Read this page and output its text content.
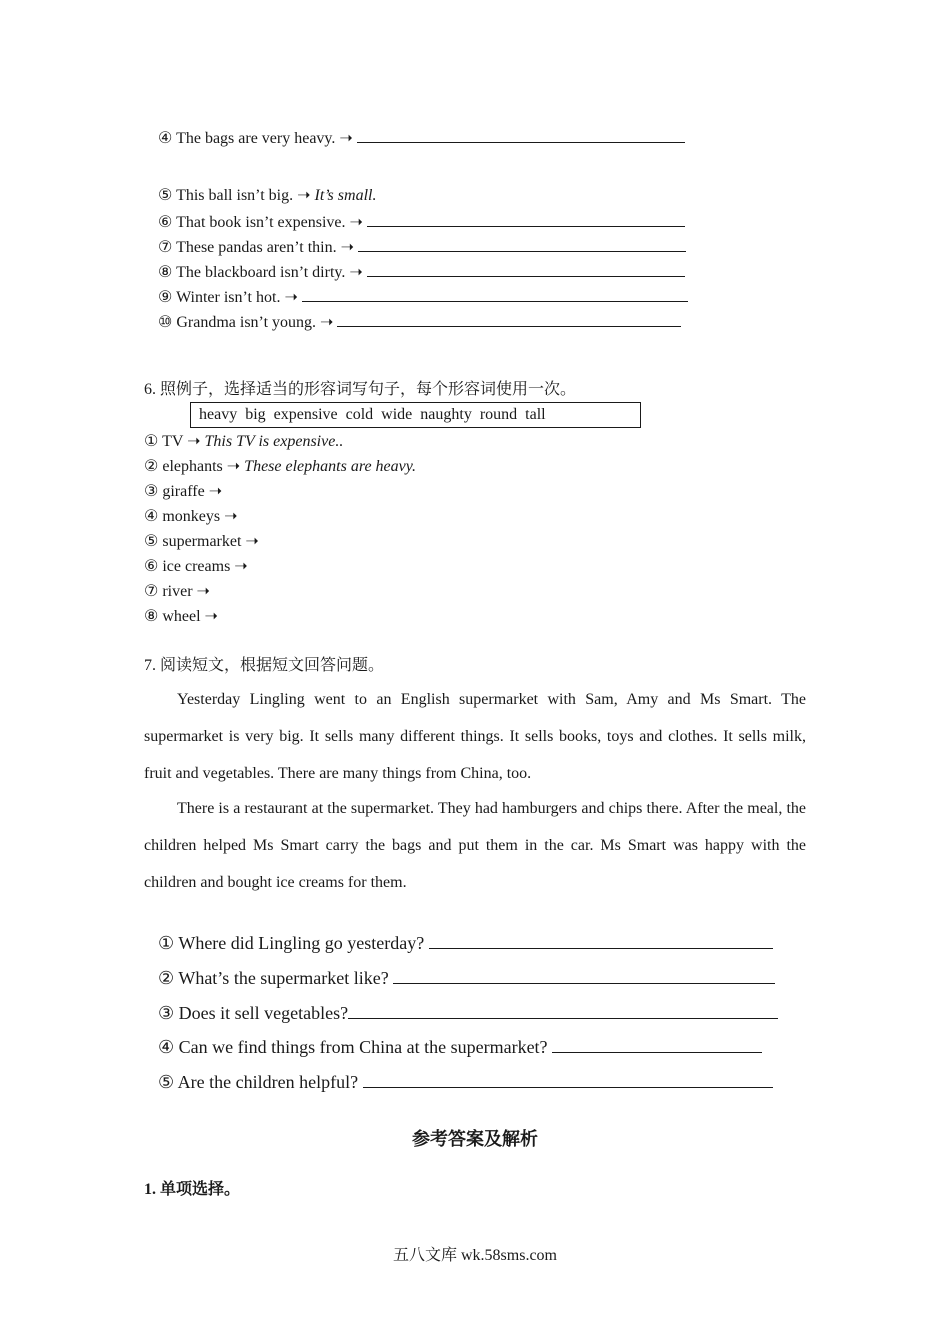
④ The bags are very heavy. ➝
⑤ This ball isn’t big. ➝ It’s small.
⑥ That book isn’t expensive. ➝
⑦ These pandas aren’t thin. ➝
⑧ The blackboard isn’t dirty. ➝
⑨ Winter isn’t hot. ➝
⑩ Grandma isn’t young. ➝
6. 照例子，选择适当的形容词写句子，每个形容词使用一次。
heavy  big  expensive  cold  wide  naughty  round  tall
① TV ➝ This TV is expensive..
② elephants ➝ These elephants are heavy.
③ giraffe ➝
④ monkeys ➝
⑤ supermarket ➝
⑥ ice creams ➝
⑦ river ➝
⑧ wheel ➝
7. 阅读短文，根据短文回答问题。

Yesterday Lingling went to an English supermarket with Sam, Amy and Ms Smart. The supermarket is very big. It sells many different things. It sells books, toys and clothes. It sells milk, fruit and vegetables. There are many things from China, too.

There is a restaurant at the supermarket. They had hamburgers and chips there. After the meal, the children helped Ms Smart carry the bags and put them in the car. Ms Smart was happy with the children and bought ice creams for them.

① Where did Lingling go yesterday?
② What’s the supermarket like?
③ Does it sell vegetables?
④ Can we find things from China at the supermarket?
⑤ Are the children helpful?
参考答案及解析
1. 单项选择。
五八文库 wk.58sms.com
